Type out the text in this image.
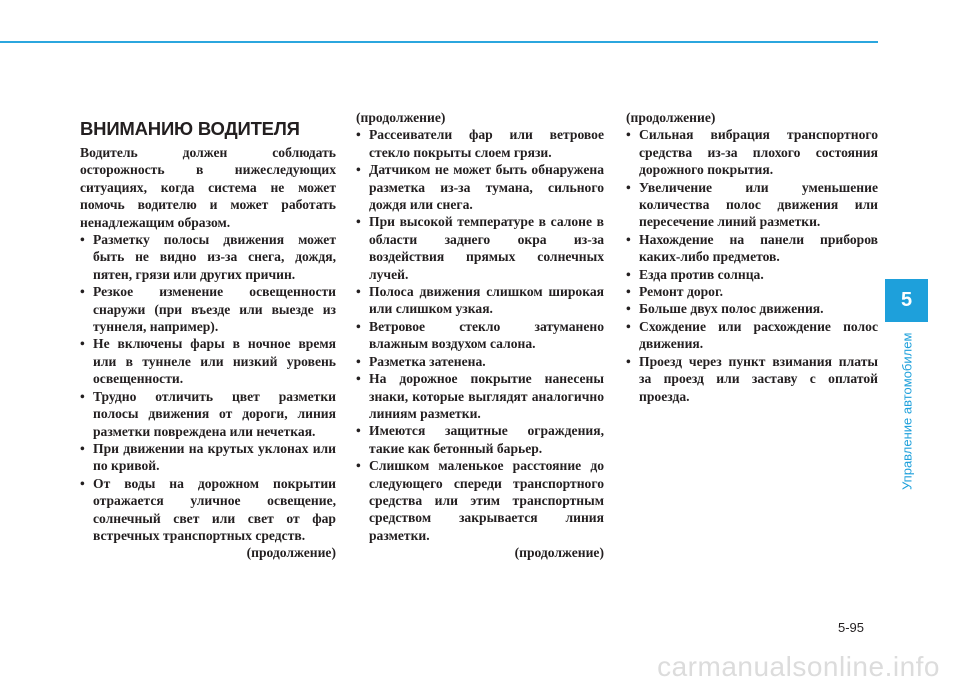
5
Управление автомобилем

ВНИМАНИЮ ВОДИТЕЛЯ

Водитель должен соблюдать осторожность в нижеследующих ситуациях, когда система не может помочь водителю и может работать ненадлежащим образом.

• Разметку полосы движения может быть не видно из-за снега, дождя, пятен, грязи или других причин.
• Резкое изменение освещенности снаружи (при въезде или выезде из туннеля, например).
• Не включены фары в ночное время или в туннеле или низкий уровень освещенности.
• Трудно отличить цвет разметки полосы движения от дороги, линия разметки повреждена или нечеткая.
• При движении на крутых уклонах или по кривой.
• От воды на дорожном покрытии отражается уличное освещение, солнечный свет или свет от фар встречных транспортных средств.

(продолжение)

(продолжение)

• Рассеиватели фар или ветровое стекло покрыты слоем грязи.
• Датчиком не может быть обнаружена разметка из-за тумана, сильного дождя или снега.
• При высокой температуре в салоне в области заднего окра из-за воздействия прямых солнечных лучей.
• Полоса движения слишком широкая или слишком узкая.
• Ветровое стекло затуманено влажным воздухом салона.
• Разметка затенена.
• На дорожное покрытие нанесены знаки, которые выглядят аналогично линиям разметки.
• Имеются защитные ограждения, такие как бетонный барьер.
• Слишком маленькое расстояние до следующего спереди транспортного средства или этим транспортным средством закрывается линия разметки.

(продолжение)

(продолжение)

• Сильная вибрация транспортного средства из-за плохого состояния дорожного покрытия.
• Увеличение или уменьшение количества полос движения или пересечение линий разметки.
• Нахождение на панели приборов каких-либо предметов.
• Езда против солнца.
• Ремонт дорог.
• Больше двух полос движения.
• Схождение или расхождение полос движения.
• Проезд через пункт взимания платы за проезд или заставу с оплатой проезда.
5-95
carmanualsonline.info
